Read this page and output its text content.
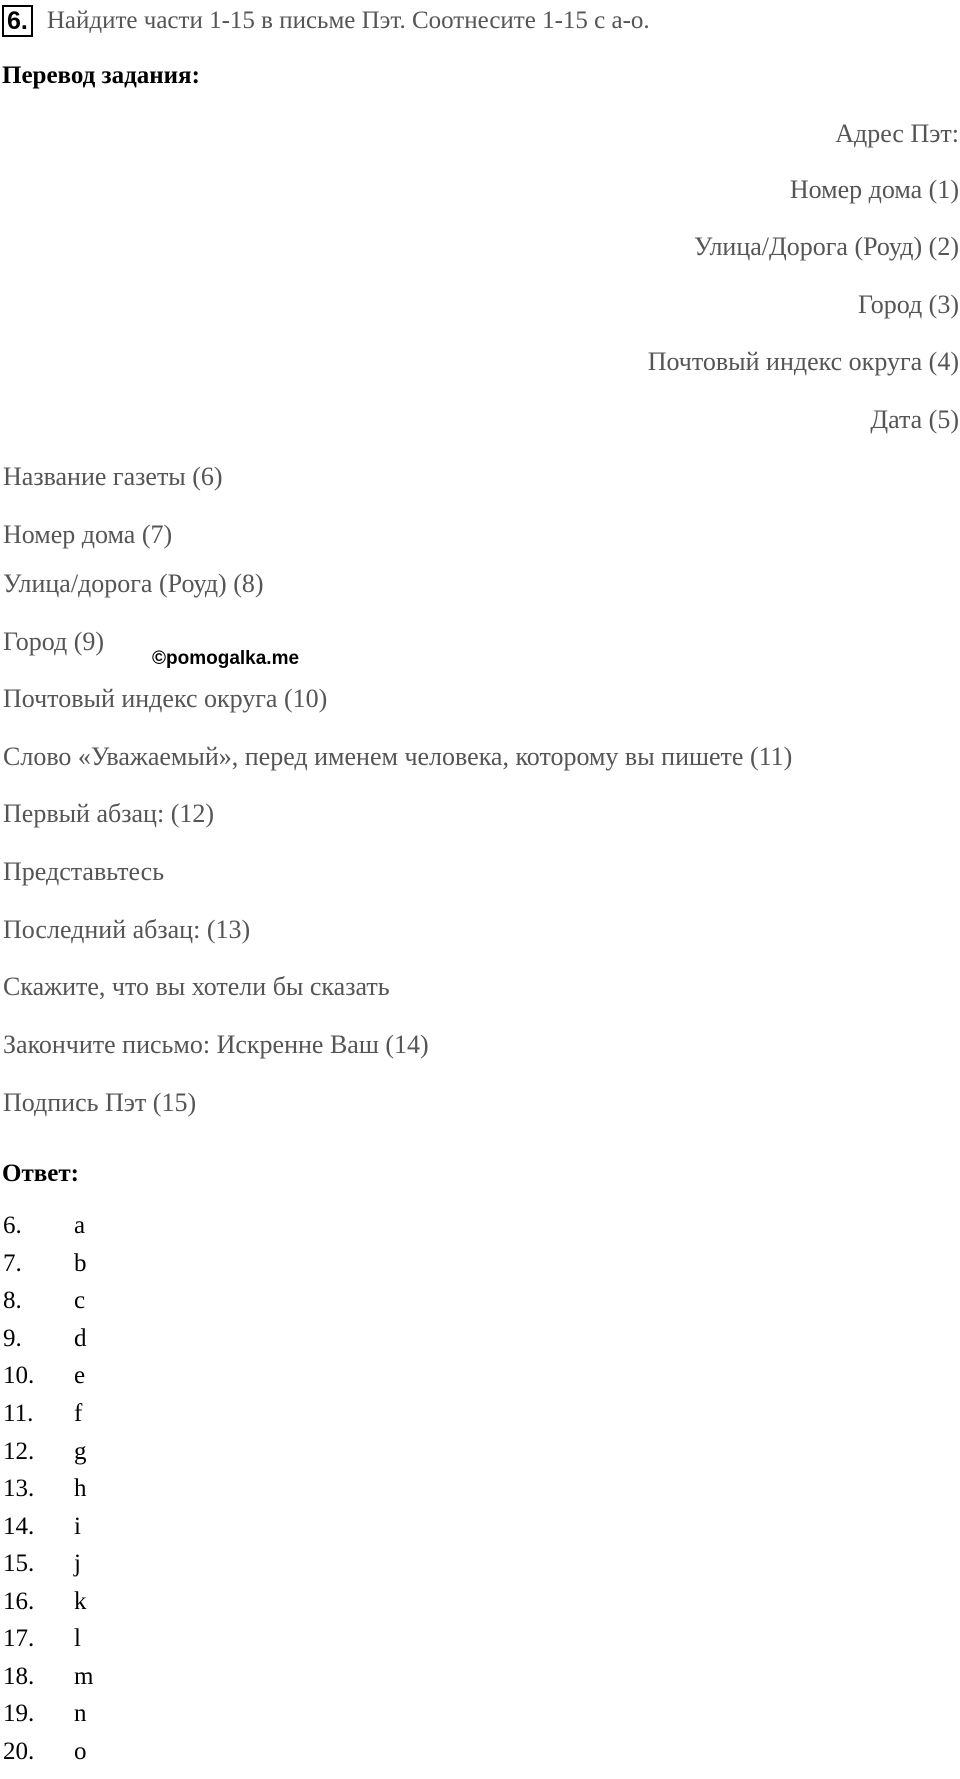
6. Найдите части 1-15 в письме Пэт. Соотнесите 1-15 с a-o.
Перевод задания:
Адрес Пэт:
Номер дома (1)
Улица/Дорога (Роуд) (2)
Город (3)
Почтовый индекс округа (4)
Дата (5)
Название газеты (6)
Номер дома (7)
Улица/дорога (Роуд) (8)
Город (9)
©pomogalka.me
Почтовый индекс округа (10)
Слово «Уважаемый», перед именем человека, которому вы пишете (11)
Первый абзац: (12)
Представьтесь
Последний абзац: (13)
Скажите, что вы хотели бы сказать
Закончите письмо: Искренне Ваш (14)
Подпись Пэт (15)
Ответ:
6. a
7. b
8. c
9. d
10. e
11. f
12. g
13. h
14. i
15. j
16. k
17. l
18. m
19. n
20. o
